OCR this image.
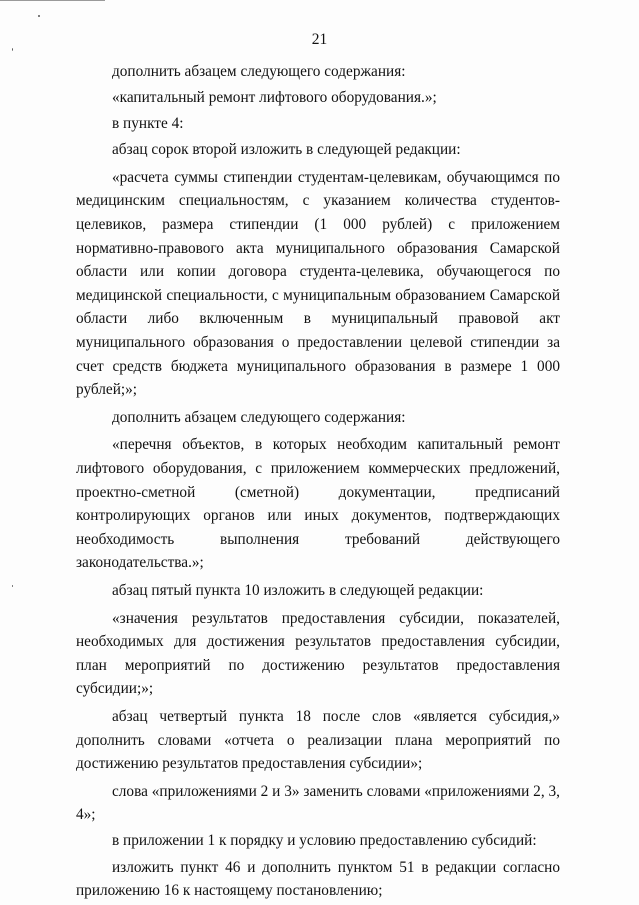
21

дополнить абзацем следующего содержания:

«капитальный ремонт лифтового оборудования.»;

в пункте 4:

абзац сорок второй изложить в следующей редакции:

«расчета суммы стипендии студентам-целевикам, обучающимся по медицинским специальностям, с указанием количества студентов-целевиков, размера стипендии (1 000 рублей) с приложением нормативно-правового акта муниципального образования Самарской области или копии договора студента-целевика, обучающегося по медицинской специальности, с муниципальным образованием Самарской области либо включенным в муниципальный правовой акт муниципального образования о предоставлении целевой стипендии за счет средств бюджета муниципального образования в размере 1 000 рублей;»;

дополнить абзацем следующего содержания:

«перечня объектов, в которых необходим капитальный ремонт лифтового оборудования, с приложением коммерческих предложений, проектно-сметной (сметной) документации, предписаний контролирующих органов или иных документов, подтверждающих необходимость выполнения требований действующего законодательства.»;

абзац пятый пункта 10 изложить в следующей редакции:

«значения результатов предоставления субсидии, показателей, необходимых для достижения результатов предоставления субсидии, план мероприятий по достижению результатов предоставления субсидии;»;

абзац четвертый пункта 18 после слов «является субсидия,» дополнить словами «отчета о реализации плана мероприятий по достижению результатов предоставления субсидии»;

слова «приложениями 2 и 3» заменить словами «приложениями 2, 3, 4»;

в приложении 1 к порядку и условию предоставлению субсидий:

изложить пункт 46 и дополнить пунктом 51 в редакции согласно приложению 16 к настоящему постановлению;
